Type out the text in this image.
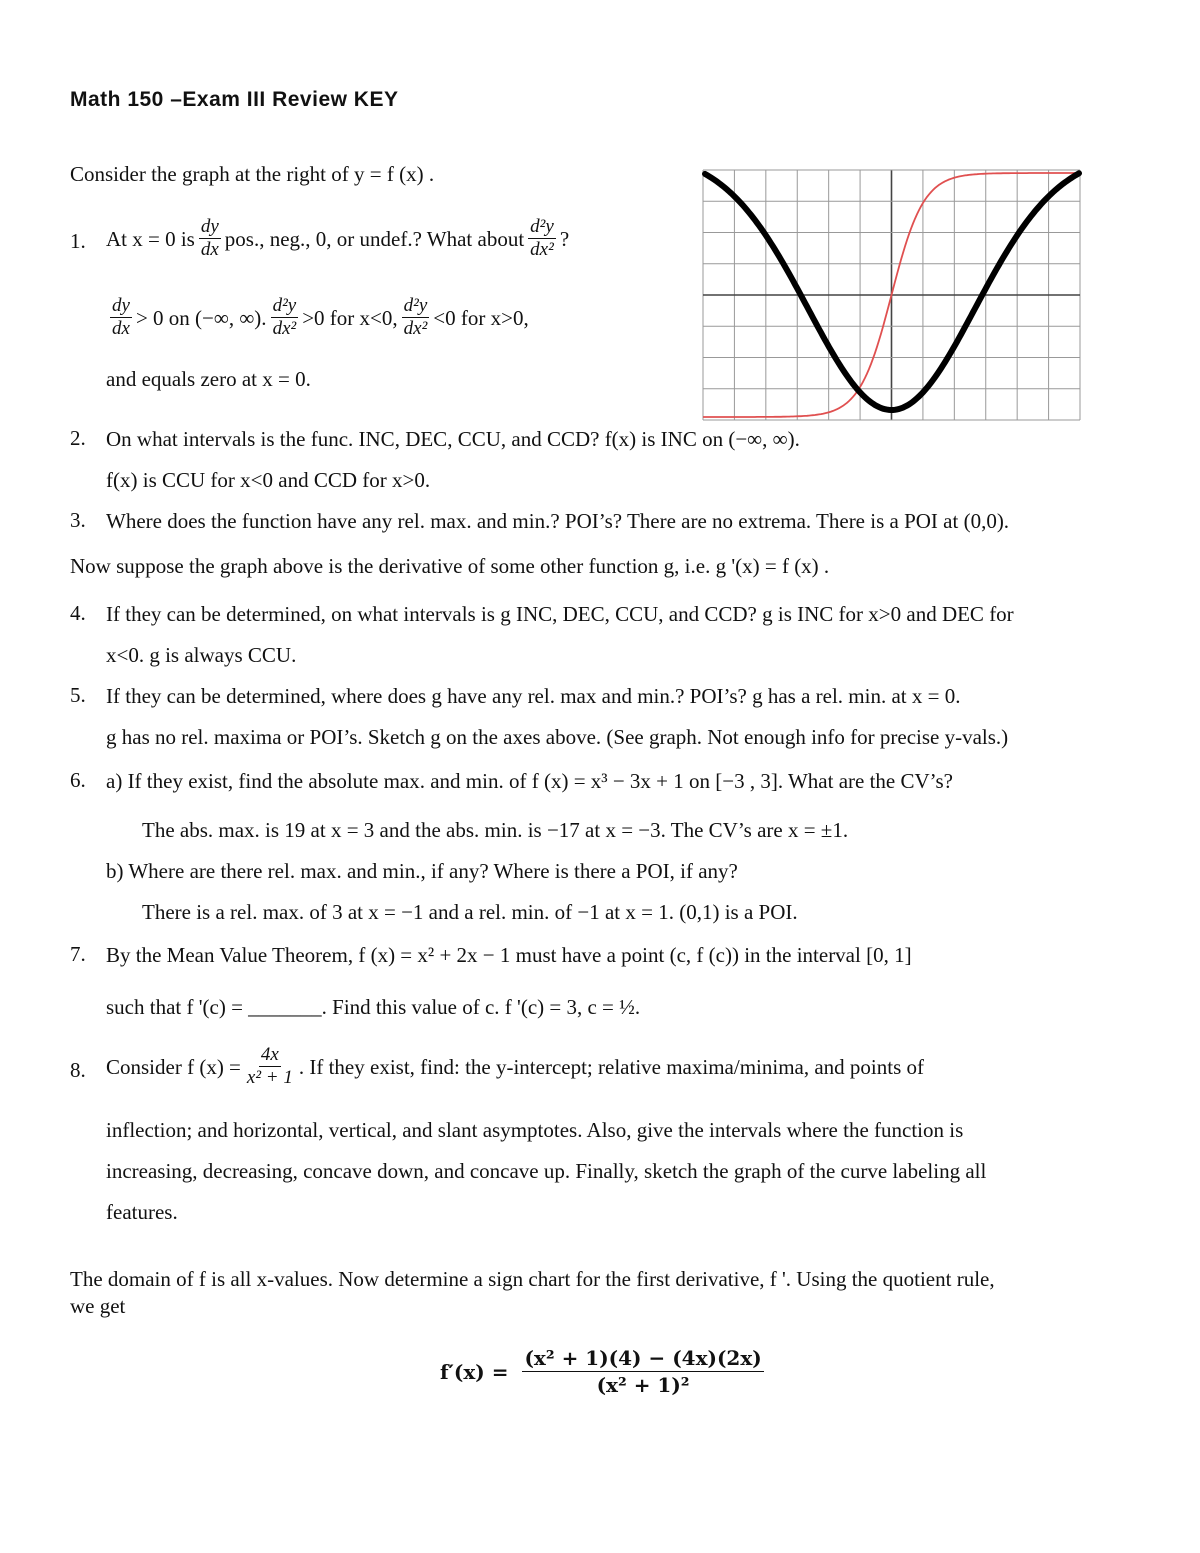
Math 150 –Exam III Review KEY
Consider the graph at the right of y = f (x) .
1. At x = 0 is $\frac{dy}{dx}$ pos., neg., 0, or undef.? What about $\frac{\text{d²y}}{\text{dx²}}$ ?
$\frac{dy}{dx} > 0$ on (−∞, ∞). $\frac{\text{d²y}}{\text{dx²}} >0$ for x<0, $\frac{\text{d²y}}{\text{dx²}} <0$ for x>0,
and equals zero at x = 0.
2. On what intervals is the func. INC, DEC, CCU, and CCD? f(x) is INC on (−∞, ∞).
f(x) is CCU for x<0 and CCD for x>0.
3. Where does the function have any rel. max. and min.? POI’s? There are no extrema. There is a POI at (0,0).
Now suppose the graph above is the derivative of some other function g, i.e. g '(x) = f (x) .
4. If they can be determined, on what intervals is g INC, DEC, CCU, and CCD? g is INC for x>0 and DEC for
x<0. g is always CCU.
5. If they can be determined, where does g have any rel. max and min.? POI’s? g has a rel. min. at x = 0.
g has no rel. maxima or POI’s. Sketch g on the axes above. (See graph. Not enough info for precise y-vals.)
6. a) If they exist, find the absolute max. and min. of f (x) = x³ − 3x + 1 on [−3 , 3]. What are the CV’s?
The abs. max. is 19 at x = 3 and the abs. min. is −17 at x = −3. The CV’s are x = ±1.
b) Where are there rel. max. and min., if any? Where is there a POI, if any?
There is a rel. max. of 3 at x = −1 and a rel. min. of −1 at x = 1. (0,1) is a POI.
7. By the Mean Value Theorem, f (x) = x² + 2x − 1 must have a point (c, f (c)) in the interval [0, 1]
such that f '(c) = _______. Find this value of c. f '(c) = 3, c = ½.
8. Consider f $(x) = \frac{4x}{\text{x² + 1}}$ . If they exist, find: the y-intercept; relative maxima/minima, and points of
inflection; and horizontal, vertical, and slant asymptotes. Also, give the intervals where the function is
increasing, decreasing, concave down, and concave up. Finally, sketch the graph of the curve labeling all
features.
The domain of f is all x-values. Now determine a sign chart for the first derivative, f '. Using the quotient rule,
we get
$f'(x) = \frac{\text{(x² + 1)(4) − (4x)(2x)}}{\text{(x² + 1)²}}$
